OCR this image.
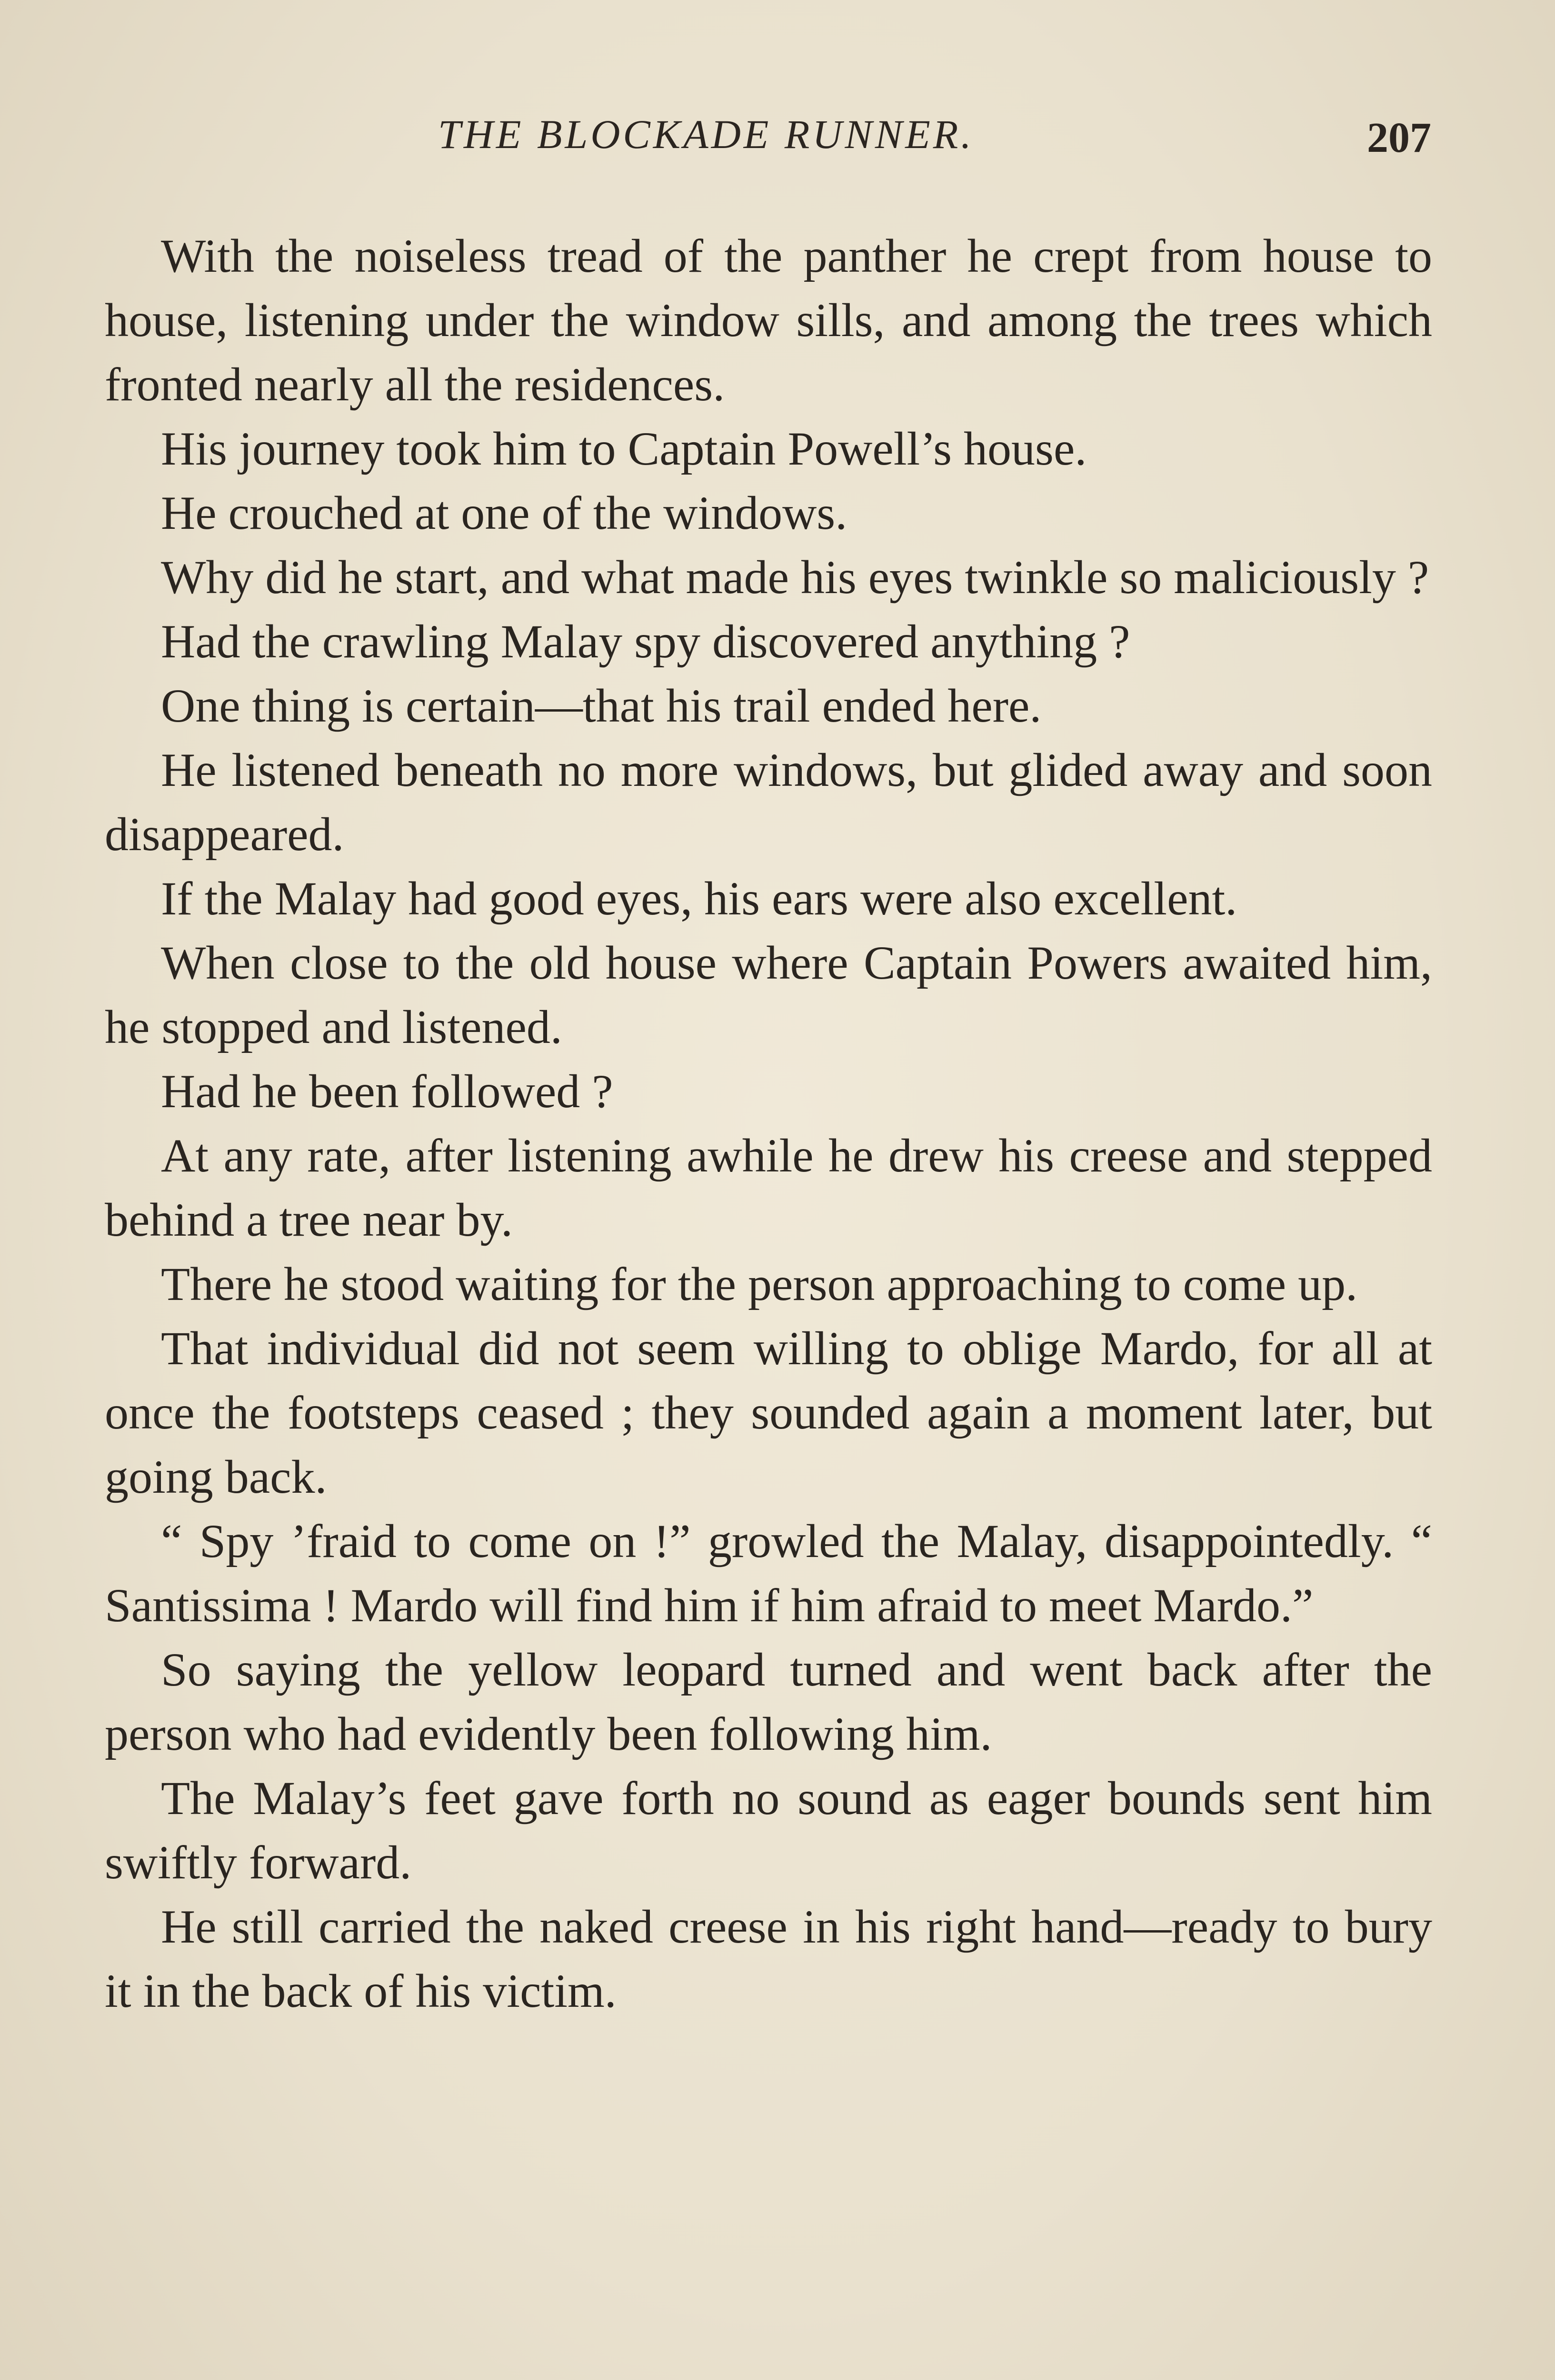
THE BLOCKADE RUNNER.	207

With the noiseless tread of the panther he crept from house to house, listening under the window sills, and among the trees which fronted nearly all the residences.

His journey took him to Captain Powell’s house.

He crouched at one of the windows.

Why did he start, and what made his eyes twinkle so maliciously ?

Had the crawling Malay spy discovered anything ?

One thing is certain—that his trail ended here.

He listened beneath no more windows, but glided away and soon disappeared.

If the Malay had good eyes, his ears were also excellent.

When close to the old house where Captain Powers awaited him, he stopped and listened.

Had he been followed ?

At any rate, after listening awhile he drew his creese and stepped behind a tree near by.

There he stood waiting for the person approaching to come up.

That individual did not seem willing to oblige Mardo, for all at once the footsteps ceased ; they sounded again a moment later, but going back.

“ Spy ’fraid to come on !” growled the Malay, disappointedly. “ Santissima ! Mardo will find him if him afraid to meet Mardo.”

So saying the yellow leopard turned and went back after the person who had evidently been following him.

The Malay’s feet gave forth no sound as eager bounds sent him swiftly forward.

He still carried the naked creese in his right hand—ready to bury it in the back of his victim.
